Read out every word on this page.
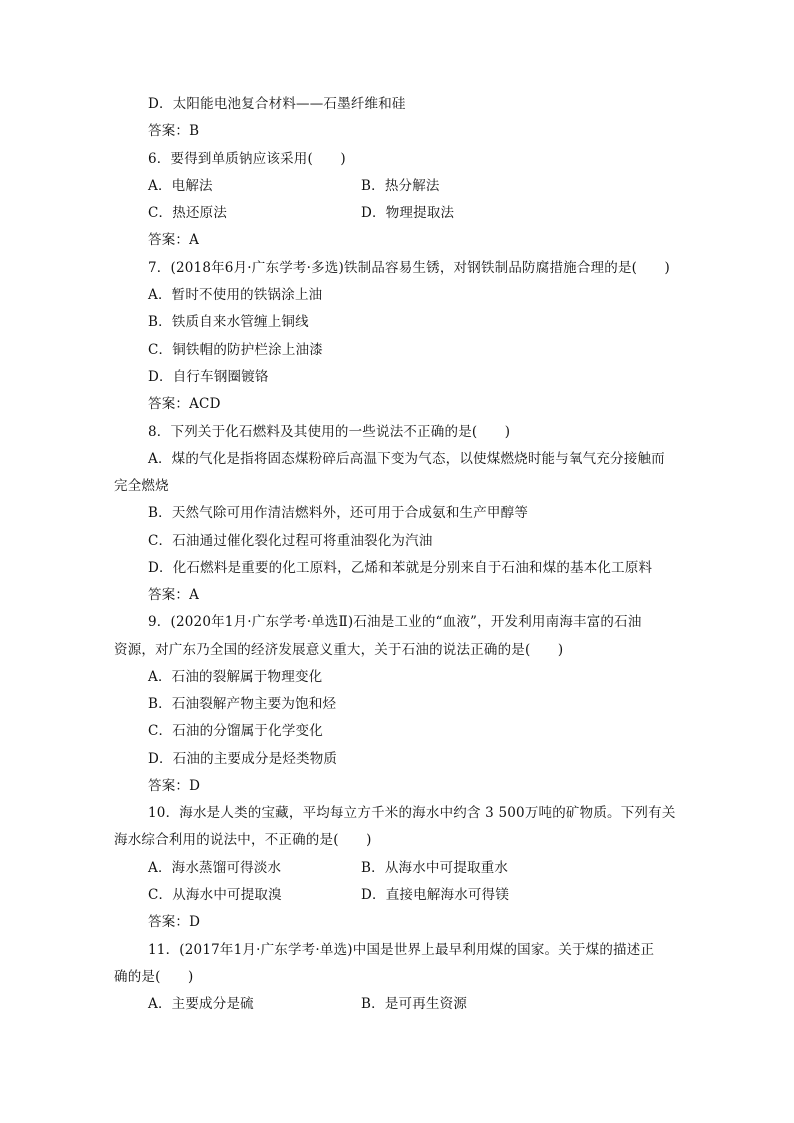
D．太阳能电池复合材料——石墨纤维和硅
答案：B
6．要得到单质钠应该采用(　　)
A．电解法	B．热分解法
C．热还原法	D．物理提取法
答案：A
7．(2018年6月·广东学考·多选)铁制品容易生锈，对钢铁制品防腐措施合理的是(　　)
A．暂时不使用的铁锅涂上油
B．铁质自来水管缠上铜线
C．铜铁帽的防护栏涂上油漆
D．自行车钢圈镀铬
答案：ACD
8．下列关于化石燃料及其使用的一些说法不正确的是(　　)
A．煤的气化是指将固态煤粉碎后高温下变为气态，以使煤燃烧时能与氧气充分接触而
完全燃烧
B．天然气除可用作清洁燃料外，还可用于合成氨和生产甲醇等
C．石油通过催化裂化过程可将重油裂化为汽油
D．化石燃料是重要的化工原料，乙烯和苯就是分别来自于石油和煤的基本化工原料
答案：A
9．(2020年1月·广东学考·单选Ⅱ)石油是工业的“血液”，开发利用南海丰富的石油
资源，对广东乃全国的经济发展意义重大，关于石油的说法正确的是(　　)
A．石油的裂解属于物理变化
B．石油裂解产物主要为饱和烃
C．石油的分馏属于化学变化
D．石油的主要成分是烃类物质
答案：D
10．海水是人类的宝藏，平均每立方千米的海水中约含 3 500万吨的矿物质。下列有关
海水综合利用的说法中，不正确的是(　　)
A．海水蒸馏可得淡水	B．从海水中可提取重水
C．从海水中可提取溴	D．直接电解海水可得镁
答案：D
11．(2017年1月·广东学考·单选)中国是世界上最早利用煤的国家。关于煤的描述正
确的是(　　)
A．主要成分是硫	B．是可再生资源
